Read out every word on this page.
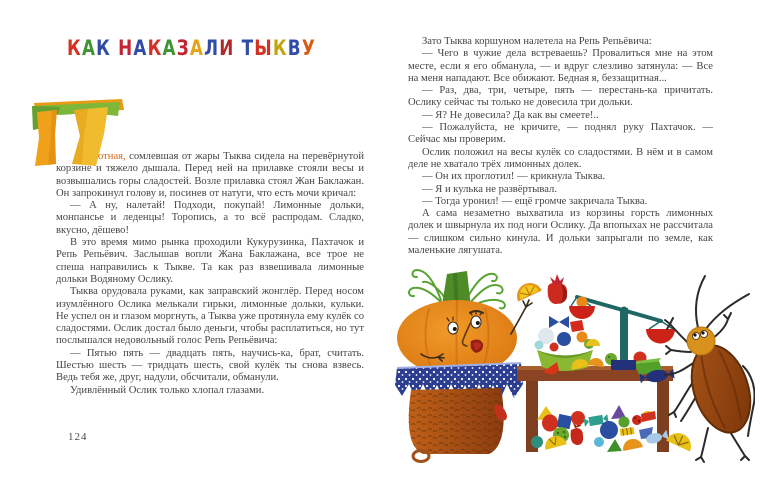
КАК НАКАЗАЛИ ТЫКВУ

отная, сомлевшая от жары Тыква сидела на перевёрнутой корзине и тяжело дышала. Перед ней на прилавке стояли весы и возвышались горы сладостей. Возле прилавка стоял Жан Баклажан. Он запрокинул голову и, посинев от натуги, что есть мочи кричал:

— А ну, налетай! Подходи, покупай! Лимонные дольки, монпансье и леденцы! Торопись, а то всё распродам. Сладко, вкусно, дёшево!

В это время мимо рынка проходили Кукурузинка, Пахтачок и Репь Репьёвич. Заслышав вопли Жана Баклажана, все трое не спеша направились к Тыкве. Та как раз взвешивала лимонные дольки Водяному Ослику.

Тыква орудовала руками, как заправский жонглёр. Перед носом изумлённого Ослика мелькали гирьки, лимонные дольки, кульки. Не успел он и глазом моргнуть, а Тыква уже протянула ему кулёк со сладостями. Ослик достал было деньги, чтобы расплатиться, но тут послышался недовольный голос Репь Репьёвича:

— Пятью пять — двадцать пять, научись-ка, брат, считать. Шестью шесть — тридцать шесть, свой кулёк ты снова взвесь. Ведь тебя же, друг, надули, обсчитали, обманули.

Удивлённый Ослик только хлопал глазами.

124

Зато Тыква коршуном налетела на Репь Репьёвича:

— Чего в чужие дела встреваешь? Провалиться мне на этом месте, если я его обманула, — и вдруг слезливо затянула: — Все на меня нападают. Все обижают. Бедная я, беззащитная...

— Раз, два, три, четыре, пять — перестань-ка причитать. Ослику сейчас ты только не довесила три дольки.

— Я? Не довесила? Да как вы смеете!..

— Пожалуйста, не кричите, — поднял руку Пахтачок. — Сейчас мы проверим.

Ослик положил на весы кулёк со сладостями. В нём и в самом деле не хватало трёх лимонных долек.

— Он их проглотил! — крикнула Тыква.

— Я и кулька не развёртывал.

— Тогда уронил! — ещё громче закричала Тыква.

А сама незаметно выхватила из корзины горсть лимонных долек и швырнула их под ноги Ослику. Да впопыхах не рассчитала — слишком сильно кинула. И дольки запрыгали по земле, как маленькие лягушата.
